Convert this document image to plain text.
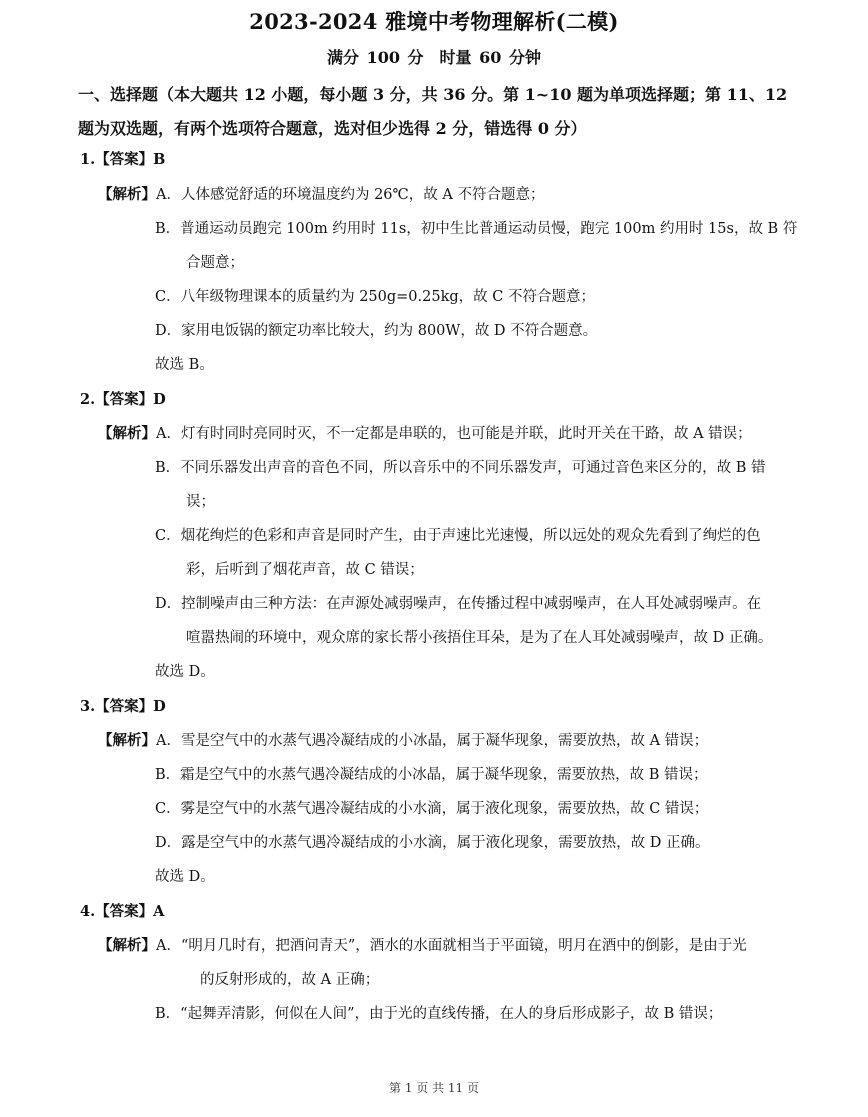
2023-2024 雅境中考物理解析(二模)
满分 100 分　时量 60 分钟
一、选择题（本大题共 12 小题，每小题 3 分，共 36 分。第 1~10 题为单项选择题；第 11、12 题为双选题，有两个选项符合题意，选对但少选得 2 分，错选得 0 分）
1.【答案】B
【解析】A．人体感觉舒适的环境温度约为 26℃，故 A 不符合题意；
B．普通运动员跑完 100m 约用时 11s，初中生比普通运动员慢，跑完 100m 约用时 15s，故 B 符
合题意；
C．八年级物理课本的质量约为 250g=0.25kg，故 C 不符合题意；
D．家用电饭锅的额定功率比较大，约为 800W，故 D 不符合题意。
故选 B。
2.【答案】D
【解析】A．灯有时同时亮同时灭，不一定都是串联的，也可能是并联，此时开关在干路，故 A 错误；
B．不同乐器发出声音的音色不同，所以音乐中的不同乐器发声，可通过音色来区分的，故 B 错
误；
C．烟花绚烂的色彩和声音是同时产生，由于声速比光速慢，所以远处的观众先看到了绚烂的色
彩，后听到了烟花声音，故 C 错误；
D．控制噪声由三种方法：在声源处减弱噪声，在传播过程中减弱噪声，在人耳处减弱噪声。在
喧嚣热闹的环境中，观众席的家长帮小孩捂住耳朵，是为了在人耳处减弱噪声，故 D 正确。
故选 D。
3.【答案】D
【解析】A．雪是空气中的水蒸气遇冷凝结成的小冰晶，属于凝华现象，需要放热，故 A 错误；
B．霜是空气中的水蒸气遇冷凝结成的小冰晶，属于凝华现象，需要放热，故 B 错误；
C．雾是空气中的水蒸气遇冷凝结成的小水滴，属于液化现象，需要放热，故 C 错误；
D．露是空气中的水蒸气遇冷凝结成的小水滴，属于液化现象，需要放热，故 D 正确。
故选 D。
4.【答案】A
【解析】A．“明月几时有，把酒问青天”，酒水的水面就相当于平面镜，明月在酒中的倒影，是由于光
的反射形成的，故 A 正确；
B．“起舞弄清影，何似在人间”，由于光的直线传播，在人的身后形成影子，故 B 错误；
第 1 页 共 11 页
